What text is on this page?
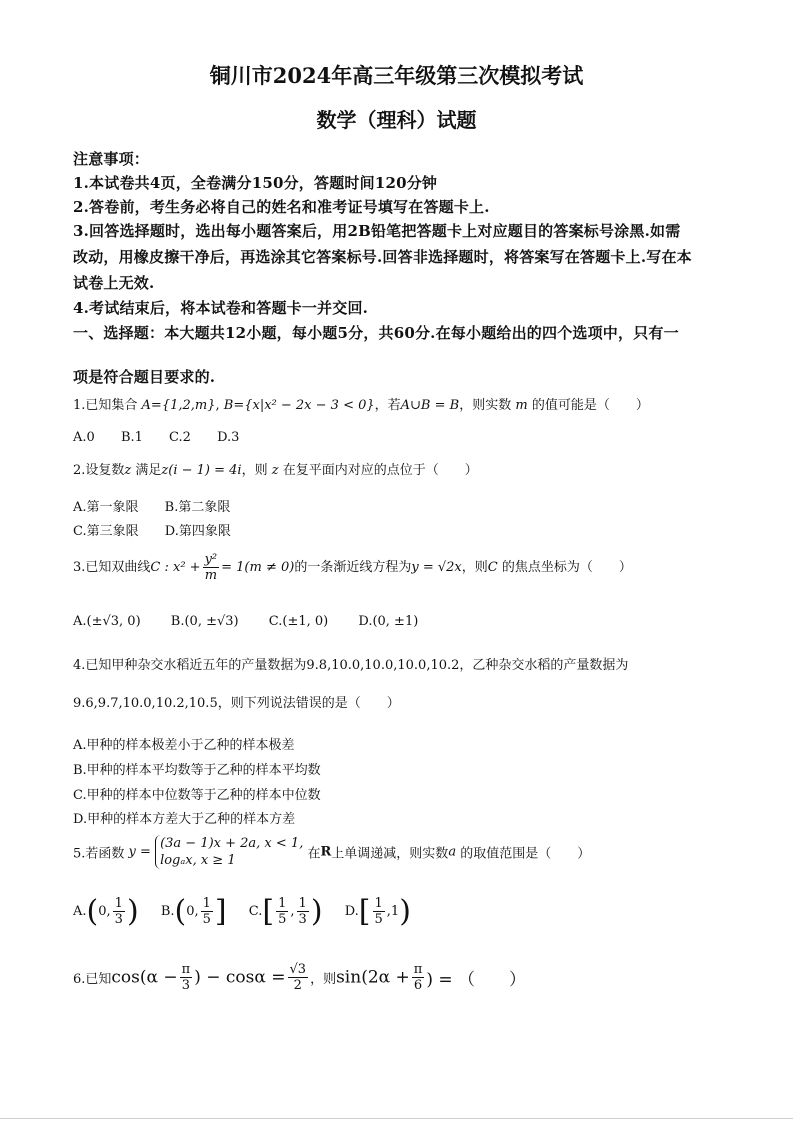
铜川市2024年高三年级第三次模拟考试
数学（理科）试题
注意事项：
1.本试卷共4页，全卷满分150分，答题时间120分钟
2.答卷前，考生务必将自己的姓名和准考证号填写在答题卡上.
3.回答选择题时，选出每小题答案后，用2B铅笔把答题卡上对应题目的答案标号涂黑.如需
改动，用橡皮擦干净后，再选涂其它答案标号.回答非选择题时，将答案写在答题卡上.写在本
试卷上无效.
4.考试结束后，将本试卷和答题卡一并交回.
一、选择题：本大题共12小题，每小题5分，共60分.在每小题给出的四个选项中，只有一
项是符合题目要求的.
1.已知集合 A={1,2,m}, B={x|x² − 2x − 3 < 0}，若A∪B = B，则实数 m 的值可能是（　　）
A.0 B.1 C.2 D.3
2.设复数z 满足z(i − 1) = 4i，则 z 在复平面内对应的点位于（　　）
A.第一象限 B.第二象限
C.第三象限 D.第四象限
3.已知双曲线C : $x^2 + \frac{\text{y²}}{m} = 1(m \ne 0)$的一条渐近线方程为y = √2x，则C 的焦点坐标为（　　）
A.(±√3, 0) B.(0, ±√3) C.(±1, 0) D.(0, ±1)
4.已知甲种杂交水稻近五年的产量数据为9.8,10.0,10.0,10.0,10.2，乙种杂交水稻的产量数据为
9.6,9.7,10.0,10.2,10.5，则下列说法错误的是（　　）
A.甲种的样本极差小于乙种的样本极差
B.甲种的样本平均数等于乙种的样本平均数
C.甲种的样本中位数等于乙种的样本中位数
D.甲种的样本方差大于乙种的样本方差
5.若函数 y =
(3a − 1)x + 2a, x < 1,
logₐx, x ≥ 1	在R上单调递减，则实数a 的取值范围是（　　）
A.(0, $\frac{1}{3}$ ) B.(0, $\frac{1}{5}$ ] $C.[ \frac{1}{5}$ , $\frac{1}{3}$ ) $D.[ \frac{1}{5} ,1)$
6.已知$\cos(\alpha - \frac{\pi}{3}$ ) − $\cos\alpha = \frac{√3}{2}$ ，则$\sin(2\alpha + \frac{\pi}{6}$ ) = （　　）
